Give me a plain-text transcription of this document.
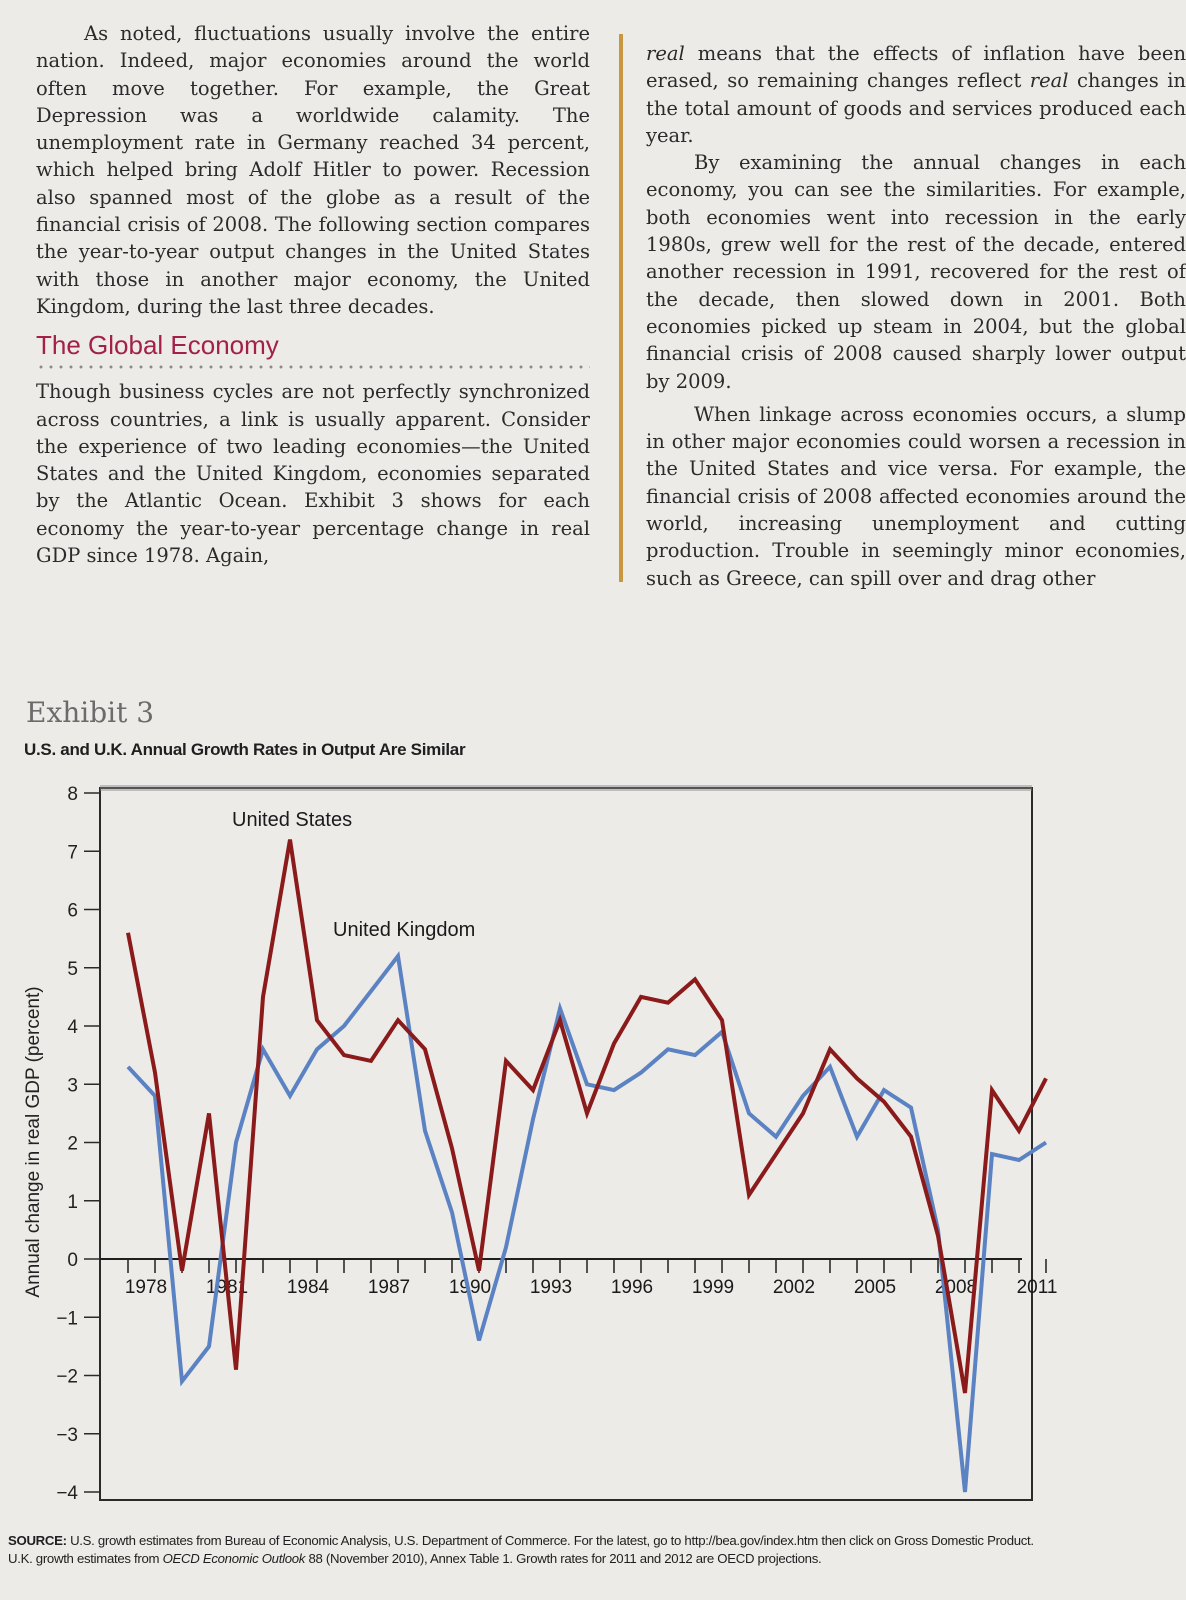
As noted, fluctuations usually involve the entire nation. Indeed, major economies around the world often move together. For example, the Great Depression was a worldwide calamity. The unemployment rate in Germany reached 34 percent, which helped bring Adolf Hitler to power. Recession also spanned most of the globe as a result of the financial crisis of 2008. The following section compares the year-to-year output changes in the United States with those in another major economy, the United Kingdom, during the last three decades.

The Global Economy

Though business cycles are not perfectly synchronized across countries, a link is usually apparent. Consider the experience of two leading economies—the United States and the United Kingdom, economies separated by the Atlantic Ocean. Exhibit 3 shows for each economy the year-to-year percentage change in real GDP since 1978. Again,

real means that the effects of inflation have been erased, so remaining changes reflect real changes in the total amount of goods and services produced each year.

By examining the annual changes in each economy, you can see the similarities. For example, both economies went into recession in the early 1980s, grew well for the rest of the decade, entered another recession in 1991, recovered for the rest of the decade, then slowed down in 2001. Both economies picked up steam in 2004, but the global financial crisis of 2008 caused sharply lower output by 2009.

When linkage across economies occurs, a slump in other major economies could worsen a recession in the United States and vice versa. For example, the financial crisis of 2008 affected economies around the world, increasing unemployment and cutting production. Trouble in seemingly minor economies, such as Greece, can spill over and drag other

Exhibit 3
U.S. and U.K. Annual Growth Rates in Output Are Similar
8
7
6
5
4
3
2
1
0
−1
−2
−3
−4
1978 1981 1984 1987 1990 1993 1996 1999 2002 2005 2008 2011
United States
United Kingdom
Annual change in real GDP (percent)
SOURCE: U.S. growth estimates from Bureau of Economic Analysis, U.S. Department of Commerce. For the latest, go to http://bea.gov/index.htm then click on Gross Domestic Product.
U.K. growth estimates from OECD Economic Outlook 88 (November 2010), Annex Table 1. Growth rates for 2011 and 2012 are OECD projections.
